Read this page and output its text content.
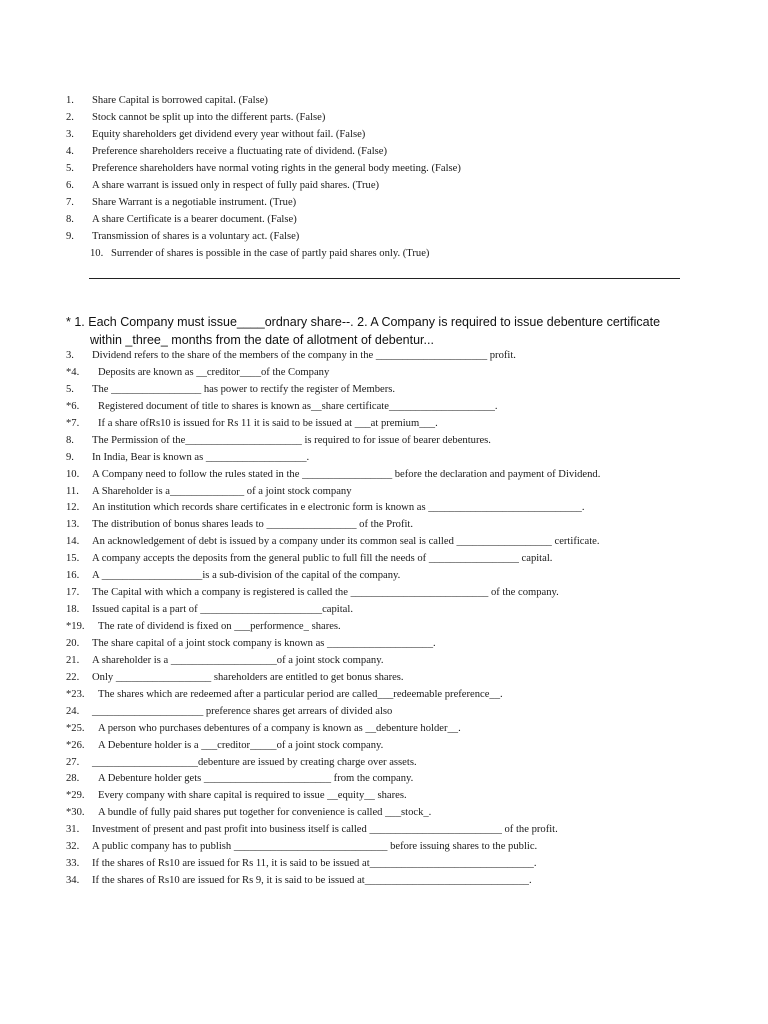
1. Share Capital is borrowed capital. (False)
2. Stock cannot be split up into the different parts. (False)
3. Equity shareholders get dividend every year without fail. (False)
4. Preference shareholders receive a fluctuating rate of dividend. (False)
5. Preference shareholders have normal voting rights in the general body meeting. (False)
6. A share warrant is issued only in respect of fully paid shares. (True)
7. Share Warrant is a negotiable instrument. (True)
8. A share Certificate is a bearer document. (False)
9. Transmission of shares is a voluntary act. (False)
10. Surrender of shares is possible in the case of partly paid shares only. (True)
* 1. Each Company must issue____ordnary share--. 2. A Company is required to issue debenture certificate
within _three_ months from the date of allotment of debentur...
3. Dividend refers to the share of the members of the company in the _____________________ profit.
*4. Deposits are known as __creditor____of the Company
5. The _________________ has power to rectify the register of Members.
*6. Registered document of title to shares is known as__share certificate____________________.
*7. If a share ofRs10 is issued for Rs 11 it is said to be issued at ___at premium___.
8. The Permission of the______________________ is required to for issue of bearer debentures.
9. In India, Bear is known as ___________________.
10. A Company need to follow the rules stated in the _________________ before the declaration and payment of Dividend.
11. A Shareholder is a______________ of a joint stock company
12. An institution which records share certificates in e electronic form is known as _____________________________.
13. The distribution of bonus shares leads to _________________ of the Profit.
14. An acknowledgement of debt is issued by a company under its common seal is called __________________ certificate.
15. A company accepts the deposits from the general public to full fill the needs of _________________ capital.
16. A ___________________is a sub-division of the capital of the company.
17. The Capital with which a company is registered is called the __________________________ of the company.
18. Issued capital is a part of _______________________capital.
*19. The rate of dividend is fixed on ___performence_ shares.
20. The share capital of a joint stock company is known as ____________________.
21. A shareholder is a ____________________of a joint stock company.
22. Only __________________ shareholders are entitled to get bonus shares.
*23. The shares which are redeemed after a particular period are called___redeemable preference__.
24. _____________________ preference shares get arrears of divided also
*25. A person who purchases debentures of a company is known as __debenture holder__.
*26. A Debenture holder is a ___creditor_____of a joint stock company.
27. ____________________debenture are issued by creating charge over assets.
28. A Debenture holder gets ________________________ from the company.
*29. Every company with share capital is required to issue __equity__ shares.
*30. A bundle of fully paid shares put together for convenience is called ___stock_.
31. Investment of present and past profit into business itself is called _________________________ of the profit.
32. A public company has to publish _____________________________ before issuing shares to the public.
33. If the shares of Rs10 are issued for Rs 11, it is said to be issued at_______________________________.
34. If the shares of Rs10 are issued for Rs 9, it is said to be issued at_______________________________.
